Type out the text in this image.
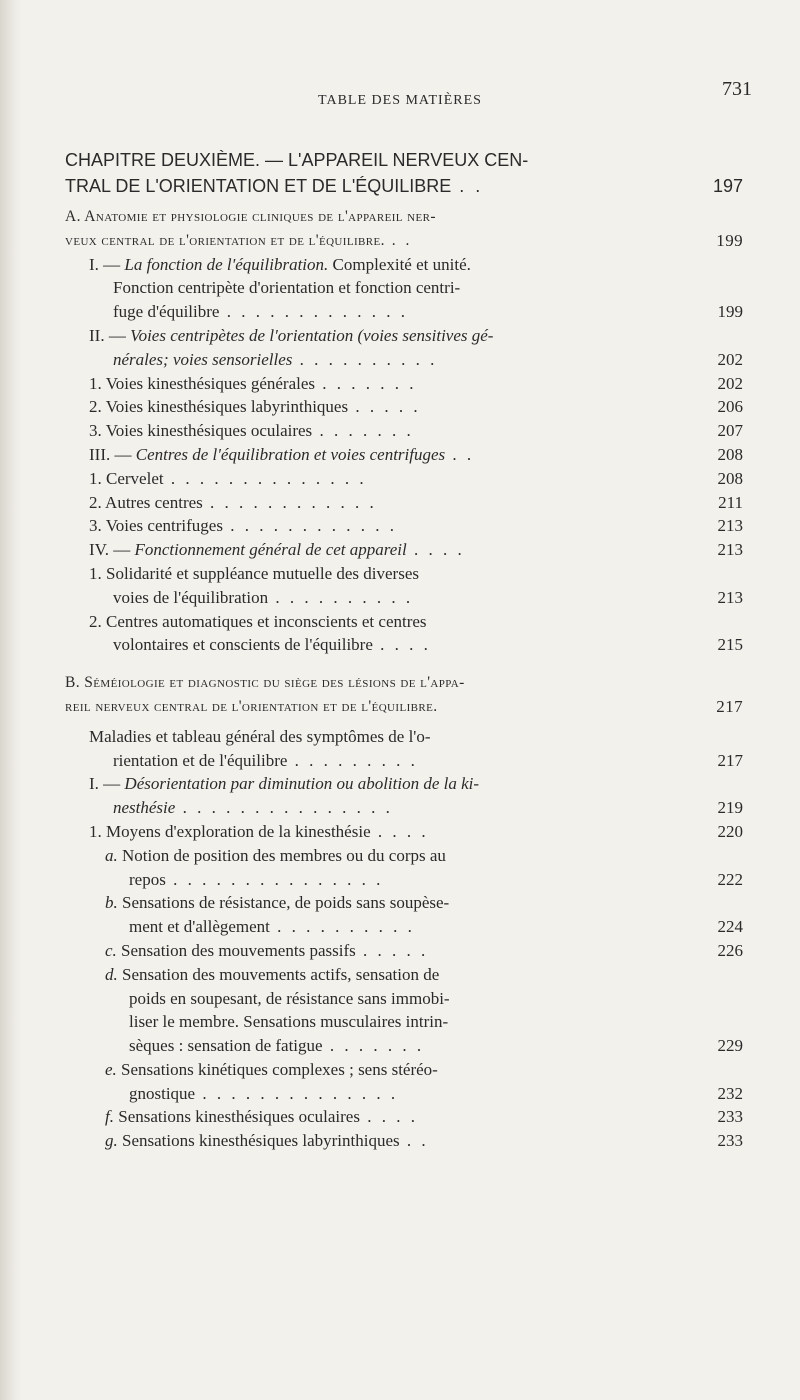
TABLE DES MATIÈRES
731
CHAPITRE DEUXIÈME. — L'APPAREIL NERVEUX CEN-
TRAL DE L'ORIENTATION ET DE L'ÉQUILIBRE . .	197
A. Anatomie et physiologie cliniques de l'appareil ner-
veux central de l'orientation et de l'équilibre. . .	199
I. — La fonction de l'équilibration. Complexité et unité.
Fonction centripète d'orientation et fonction centri-
fuge d'équilibre . . . . . . . . . . . . .	199
II. — Voies centripètes de l'orientation (voies sensitives gé-
nérales; voies sensorielles . . . . . . . . . .	202
1. Voies kinesthésiques générales . . . . . . .	202
2. Voies kinesthésiques labyrinthiques . . . . .	206
3. Voies kinesthésiques oculaires . . . . . . .	207
III. — Centres de l'équilibration et voies centrifuges . .	208
1. Cervelet . . . . . . . . . . . . . .	208
2. Autres centres . . . . . . . . . . . .	211
3. Voies centrifuges . . . . . . . . . . . .	213
IV. — Fonctionnement général de cet appareil . . . .	213
1. Solidarité et suppléance mutuelle des diverses
voies de l'équilibration . . . . . . . . . .	213
2. Centres automatiques et inconscients et centres
volontaires et conscients de l'équilibre . . . .	215
B. Séméiologie et diagnostic du siège des lésions de l'appa-
reil nerveux central de l'orientation et de l'équilibre.	217
Maladies et tableau général des symptômes de l'o-
rientation et de l'équilibre . . . . . . . . .	217
I. — Désorientation par diminution ou abolition de la ki-
nesthésie . . . . . . . . . . . . . . .	219
1. Moyens d'exploration de la kinesthésie . . . .	220
a. Notion de position des membres ou du corps au
repos . . . . . . . . . . . . . . .	222
b. Sensations de résistance, de poids sans soupèse-
ment et d'allègement . . . . . . . . . .	224
c. Sensation des mouvements passifs . . . . .	226
d. Sensation des mouvements actifs, sensation de
poids en soupesant, de résistance sans immobi-
liser le membre. Sensations musculaires intrin-
sèques : sensation de fatigue . . . . . . .	229
e. Sensations kinétiques complexes ; sens stéréo-
gnostique . . . . . . . . . . . . . .	232
f. Sensations kinesthésiques oculaires . . . .	233
g. Sensations kinesthésiques labyrinthiques . .	233
